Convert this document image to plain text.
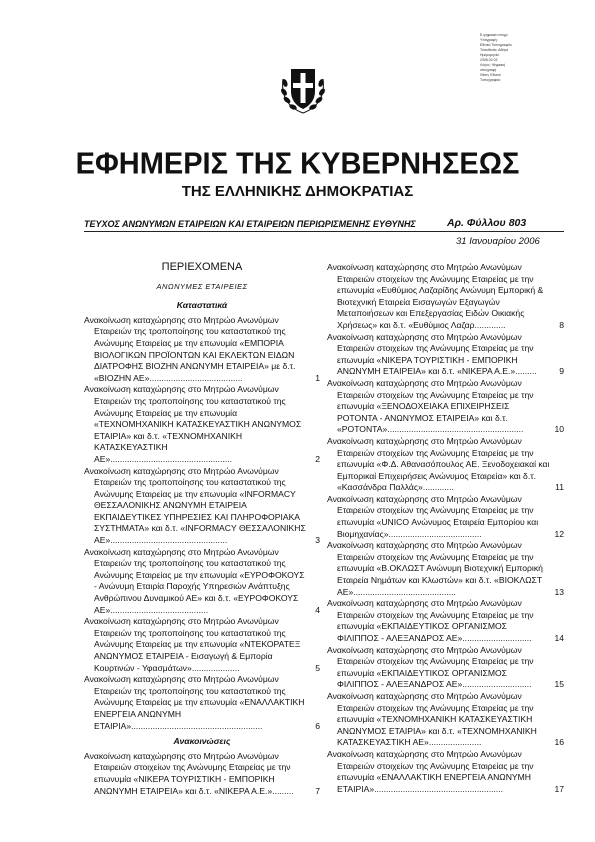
Ε.ψηφιακά υπογρ.
Υπογραφή:
Εθνικό Τυπογραφείο
Τοποθεσία: Αθήνα
Ημερομηνία:
2006.02.02
Λόγος: Ψηφιακή
υπογραφή
Θέση: Εθνικό
Τυπογραφείο
ΕΦΗΜΕΡΙΣ ΤΗΣ ΚΥΒΕΡΝΗΣΕΩΣ
ΤΗΣ ΕΛΛΗΝΙΚΗΣ ΔΗΜΟΚΡΑΤΙΑΣ
ΤΕΥΧΟΣ ΑΝΩΝΥΜΩΝ ΕΤΑΙΡΕΙΩΝ ΚΑΙ ΕΤΑΙΡΕΙΩΝ ΠΕΡΙΩΡΙΣΜΕΝΗΣ ΕΥΘΥΝΗΣ	Αρ. Φύλλου 803
31 Ιανουαρίου 2006
ΠΕΡΙΕΧΟΜΕΝΑ
ΑΝΩΝΥΜΕΣ ΕΤΑΙΡΕΙΕΣ
Καταστατικά
Ανακοίνωση καταχώρησης στο Μητρώο Ανωνύμων Εταιρειών της τροποποίησης του καταστατικού της Ανώνυμης Εταιρείας με την επωνυμία «ΕΜΠΟΡΙΑ ΒΙΟΛΟΓΙΚΩΝ ΠΡΟΪΟΝΤΩΝ ΚΑΙ ΕΚΛΕΚΤΩΝ ΕΙΔΩΝ ΔΙΑΤΡΟΦΗΣ ΒΙΟΖΗΝ ΑΝΩΝΥΜΗ ΕΤΑΙΡΕΙΑ» με δ.τ. «ΒΙΟΖΗΝ ΑΕ».......................................	1
Ανακοίνωση καταχώρησης στο Μητρώο Ανωνύμων Εταιρειών της τροποποίησης του καταστατικού της Ανώνυμης Εταιρείας με την επωνυμία «ΤΕΧΝΟΜΗΧΑΝΙΚΗ ΚΑΤΑΣΚΕΥΑΣΤΙΚΗ ΑΝΩΝΥΜΟΣ ΕΤΑΙΡΙΑ» και δ.τ. «ΤΕΧΝΟΜΗΧΑΝΙΚΗ ΚΑΤΑΣΚΕΥΑΣΤΙΚΗ ΑΕ»...................................................	2
Ανακοίνωση καταχώρησης στο Μητρώο Ανωνύμων Εταιρειών της τροποποίησης του καταστατικού της Ανώνυμης Εταιρείας με την επωνυμία «INFORMACY ΘΕΣΣΑΛΟΝΙΚΗΣ ΑΝΩΝΥΜΗ ΕΤΑΙΡΕΙΑ ΕΚΠΑΙΔΕΥΤΙΚΕΣ ΥΠΗΡΕΣΙΕΣ ΚΑΙ ΠΛΗΡΟΦΟΡΙΑΚΑ ΣΥΣΤΗΜΑΤΑ» και δ.τ. «INFORMACY ΘΕΣΣΑΛΟΝΙΚΗΣ ΑΕ».................................................	3
Ανακοίνωση καταχώρησης στο Μητρώο Ανωνύμων Εταιρειών της τροποποίησης του καταστατικού της Ανώνυμης Εταιρείας με την επωνυμία «ΕΥΡΟΦΟΚΟΥΣ - Ανώνυμη Εταιρία Παροχής Υπηρεσιών Ανάπτυξης Ανθρώπινου Δυναμικού ΑΕ» και δ.τ. «ΕΥΡΟΦΟΚΟΥΣ ΑΕ».........................................	4
Ανακοίνωση καταχώρησης στο Μητρώο Ανωνύμων Εταιρειών της τροποποίησης του καταστατικού της Ανώνυμης Εταιρείας με την επωνυμία «ΝΤΕΚΟΡΑΤΕΞ ΑΝΩΝΥΜΟΣ ΕΤΑΙΡΕΙΑ - Εισαγωγή & Εμπορία Κουρτινών - Υφασμάτων»....................	5
Ανακοίνωση καταχώρησης στο Μητρώο Ανωνύμων Εταιρειών της τροποποίησης του καταστατικού της Ανώνυμης Εταιρείας με την επωνυμία «ΕΝΑΛΛΑΚΤΙΚΗ ΕΝΕΡΓΕΙΑ ΑΝΩΝΥΜΗ ΕΤΑΙΡΙΑ».......................................................	6
Ανακοινώσεις
Ανακοίνωση καταχώρησης στο Μητρώο Ανωνύμων Εταιρειών στοιχείων της Ανώνυμης Εταιρείας με την επωνυμία «ΝΙΚΕΡΑ ΤΟΥΡΙΣΤΙΚΗ - ΕΜΠΟΡΙΚΗ ΑΝΩΝΥΜΗ ΕΤΑΙΡΕΙΑ» και δ.τ. «ΝΙΚΕΡΑ Α.Ε.».........	7
Ανακοίνωση καταχώρησης στο Μητρώο Ανωνύμων Εταιρειών στοιχείων της Ανώνυμης Εταιρείας με την επωνυμία «Ευθύμιος Λαζαρίδης Ανώνυμη Εμπορική & Βιοτεχνική Εταιρεία Εισαγωγών Εξαγωγών Μεταποιήσεων και Επεξεργασίας Ειδών Οικιακής Χρήσεως» και δ.τ. «Ευθύμιος Λαζαρ.............	8
Ανακοίνωση καταχώρησης στο Μητρώο Ανωνύμων Εταιρειών στοιχείων της Ανώνυμης Εταιρείας με την επωνυμία «ΝΙΚΕΡΑ ΤΟΥΡΙΣΤΙΚΗ - ΕΜΠΟΡΙΚΗ ΑΝΩΝΥΜΗ ΕΤΑΙΡΕΙΑ» και δ.τ. «ΝΙΚΕΡΑ Α.Ε.».........	9
Ανακοίνωση καταχώρησης στο Μητρώο Ανωνύμων Εταιρειών στοιχείων της Ανώνυμης Εταιρείας με την επωνυμία «ΞΕΝΟΔΟΧΕΙΑΚΑ ΕΠΙΧΕΙΡΗΣΕΙΣ ΡΟΤΟΝΤΑ - ΑΝΩΝΥΜΟΣ ΕΤΑΙΡΕΙΑ» και δ.τ. «ΡΟΤΟΝΤΑ».........................................................	10
Ανακοίνωση καταχώρησης στο Μητρώο Ανωνύμων Εταιρειών στοιχείων της Ανώνυμης Εταιρείας με την επωνυμία «Φ.Δ. Αθανασόπουλος ΑΕ. Ξενοδοχειακαί και Εμπορικαί Επιχειρήσεις Ανώνυμος Εταιρεία» και δ.τ. «Κασσάνδρα Παλλάς».............	11
Ανακοίνωση καταχώρησης στο Μητρώο Ανωνύμων Εταιρειών στοιχείων της Ανώνυμης Εταιρείας με την επωνυμία «UNICO Ανώνυμος Εταιρεία Εμπορίου και Βιομηχανίας».......................................	12
Ανακοίνωση καταχώρησης στο Μητρώο Ανωνύμων Εταιρειών στοιχείων της Ανώνυμης Εταιρείας με την επωνυμία «Β.ΟΚΛΩΣΤ Ανώνυμη Βιοτεχνική Εμπορική Εταιρεία Νημάτων και Κλωστών» και δ.τ. «ΒΙΟΚΛΩΣΤ ΑΕ»...........................................	13
Ανακοίνωση καταχώρησης στο Μητρώο Ανωνύμων Εταιρειών στοιχείων της Ανώνυμης Εταιρείας με την επωνυμία «ΕΚΠΑΙΔΕΥΤΙΚΟΣ ΟΡΓΑΝΙΣΜΟΣ ΦΙΛΙΠΠΟΣ - ΑΛΕΞΑΝΔΡΟΣ ΑΕ».............................	14
Ανακοίνωση καταχώρησης στο Μητρώο Ανωνύμων Εταιρειών στοιχείων της Ανώνυμης Εταιρείας με την επωνυμία «ΕΚΠΑΙΔΕΥΤΙΚΟΣ ΟΡΓΑΝΙΣΜΟΣ ΦΙΛΙΠΠΟΣ - ΑΛΕΞΑΝΔΡΟΣ ΑΕ».............................	15
Ανακοίνωση καταχώρησης στο Μητρώο Ανωνύμων Εταιρειών στοιχείων της Ανώνυμης Εταιρείας με την επωνυμία «ΤΕΧΝΟΜΗΧΑΝΙΚΗ ΚΑΤΑΣΚΕΥΑΣΤΙΚΗ ΑΝΩΝΥΜΟΣ ΕΤΑΙΡΙΑ» και δ.τ. «ΤΕΧΝΟΜΗΧΑΝΙΚΗ ΚΑΤΑΣΚΕΥΑΣΤΙΚΗ ΑΕ»......................	16
Ανακοίνωση καταχώρησης στο Μητρώο Ανωνύμων Εταιρειών στοιχείων της Ανώνυμης Εταιρείας με την επωνυμία «ΕΝΑΛΛΑΚΤΙΚΗ ΕΝΕΡΓΕΙΑ ΑΝΩΝΥΜΗ ΕΤΑΙΡΙΑ»......................................................	17
